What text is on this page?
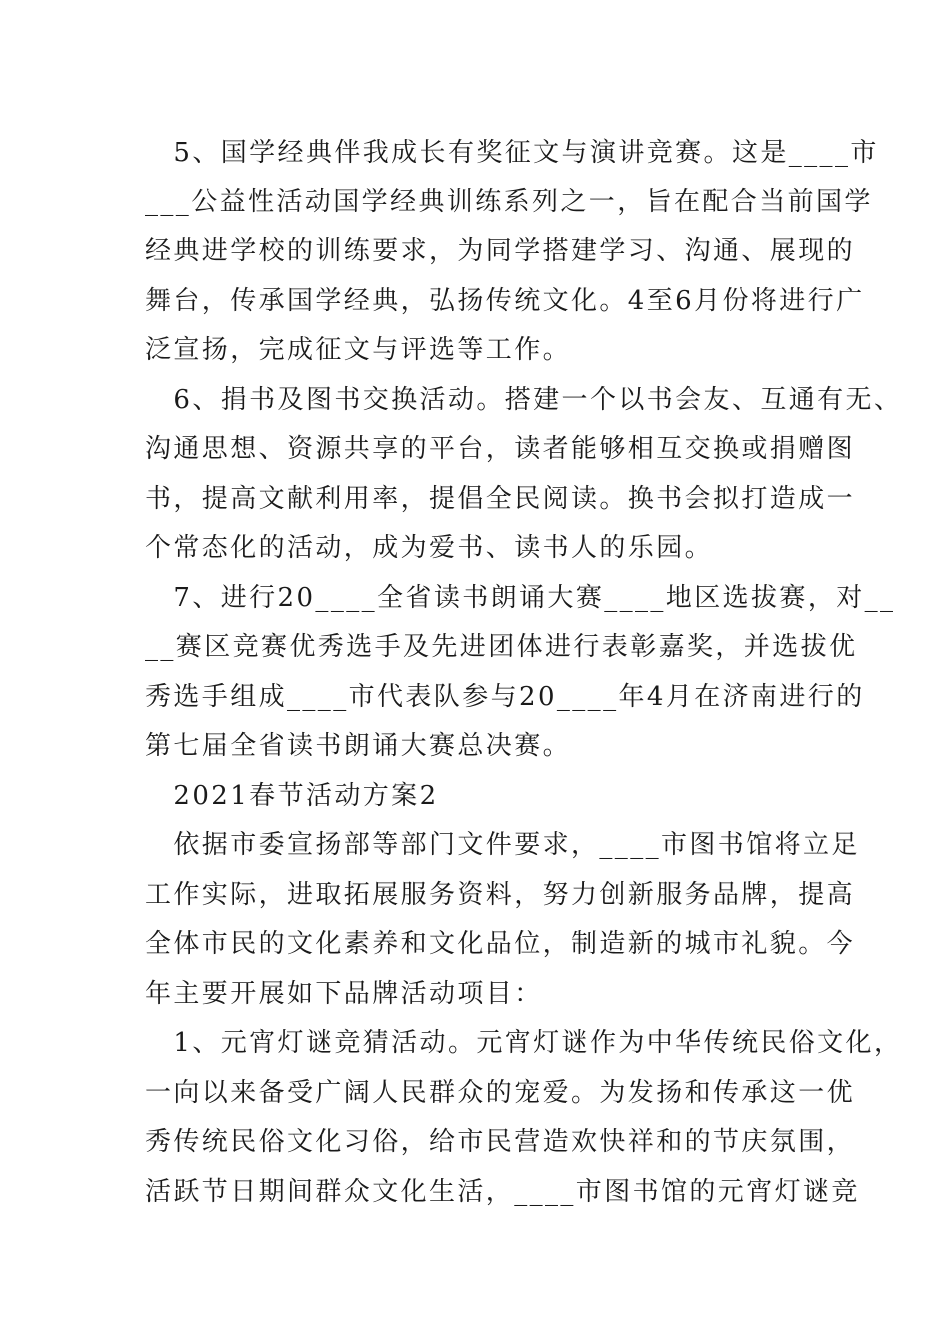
　5、国学经典伴我成长有奖征文与演讲竞赛。这是____市
___公益性活动国学经典训练系列之一，旨在配合当前国学
经典进学校的训练要求，为同学搭建学习、沟通、展现的
舞台，传承国学经典，弘扬传统文化。4至6月份将进行广
泛宣扬，完成征文与评选等工作。
　6、捐书及图书交换活动。搭建一个以书会友、互通有无、
沟通思想、资源共享的平台，读者能够相互交换或捐赠图
书，提高文献利用率，提倡全民阅读。换书会拟打造成一
个常态化的活动，成为爱书、读书人的乐园。
　7、进行20____全省读书朗诵大赛____地区选拔赛，对__
__赛区竞赛优秀选手及先进团体进行表彰嘉奖，并选拔优
秀选手组成____市代表队参与20____年4月在济南进行的
第七届全省读书朗诵大赛总决赛。
　2021春节活动方案2
　依据市委宣扬部等部门文件要求，____市图书馆将立足
工作实际，进取拓展服务资料，努力创新服务品牌，提高
全体市民的文化素养和文化品位，制造新的城市礼貌。今
年主要开展如下品牌活动项目：
　1、元宵灯谜竞猜活动。元宵灯谜作为中华传统民俗文化，
一向以来备受广阔人民群众的宠爱。为发扬和传承这一优
秀传统民俗文化习俗，给市民营造欢快祥和的节庆氛围，
活跃节日期间群众文化生活，____市图书馆的元宵灯谜竞
